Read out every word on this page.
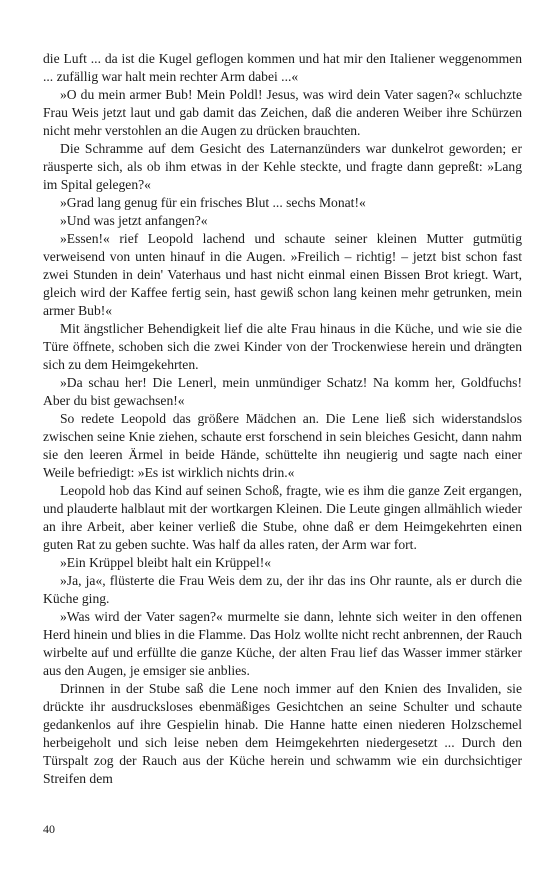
die Luft ... da ist die Kugel geflogen kommen und hat mir den Italiener weggenommen ... zufällig war halt mein rechter Arm dabei ...«

»O du mein armer Bub! Mein Poldl! Jesus, was wird dein Vater sagen?« schluchzte Frau Weis jetzt laut und gab damit das Zeichen, daß die anderen Weiber ihre Schürzen nicht mehr verstohlen an die Augen zu drücken brauchten.

Die Schramme auf dem Gesicht des Laternanzünders war dunkelrot geworden; er räusperte sich, als ob ihm etwas in der Kehle steckte, und fragte dann gepreßt: »Lang im Spital gelegen?«

»Grad lang genug für ein frisches Blut ... sechs Monat!«

»Und was jetzt anfangen?«

»Essen!« rief Leopold lachend und schaute seiner kleinen Mutter gutmütig verweisend von unten hinauf in die Augen. »Freilich – richtig! – jetzt bist schon fast zwei Stunden in dein' Vaterhaus und hast nicht einmal einen Bissen Brot kriegt. Wart, gleich wird der Kaffee fertig sein, hast gewiß schon lang keinen mehr getrunken, mein armer Bub!«

Mit ängstlicher Behendigkeit lief die alte Frau hinaus in die Küche, und wie sie die Türe öffnete, schoben sich die zwei Kinder von der Trockenwiese herein und drängten sich zu dem Heimgekehrten.

»Da schau her! Die Lenerl, mein unmündiger Schatz! Na komm her, Goldfuchs! Aber du bist gewachsen!«

So redete Leopold das größere Mädchen an. Die Lene ließ sich widerstandslos zwischen seine Knie ziehen, schaute erst forschend in sein bleiches Gesicht, dann nahm sie den leeren Ärmel in beide Hände, schüttelte ihn neugierig und sagte nach einer Weile befriedigt: »Es ist wirklich nichts drin.«

Leopold hob das Kind auf seinen Schoß, fragte, wie es ihm die ganze Zeit ergangen, und plauderte halblaut mit der wortkargen Kleinen. Die Leute gingen allmählich wieder an ihre Arbeit, aber keiner verließ die Stube, ohne daß er dem Heimgekehrten einen guten Rat zu geben suchte. Was half da alles raten, der Arm war fort.

»Ein Krüppel bleibt halt ein Krüppel!«

»Ja, ja«, flüsterte die Frau Weis dem zu, der ihr das ins Ohr raunte, als er durch die Küche ging.

»Was wird der Vater sagen?« murmelte sie dann, lehnte sich weiter in den offenen Herd hinein und blies in die Flamme. Das Holz wollte nicht recht anbrennen, der Rauch wirbelte auf und erfüllte die ganze Küche, der alten Frau lief das Wasser immer stärker aus den Augen, je emsiger sie anblies.

Drinnen in der Stube saß die Lene noch immer auf den Knien des Invaliden, sie drückte ihr ausdrucksloses ebenmäßiges Gesichtchen an seine Schulter und schaute gedankenlos auf ihre Gespielin hinab. Die Hanne hatte einen niederen Holzschemel herbeigeholt und sich leise neben dem Heimgekehrten niedergesetzt ... Durch den Türspalt zog der Rauch aus der Küche herein und schwamm wie ein durchsichtiger Streifen dem

40
